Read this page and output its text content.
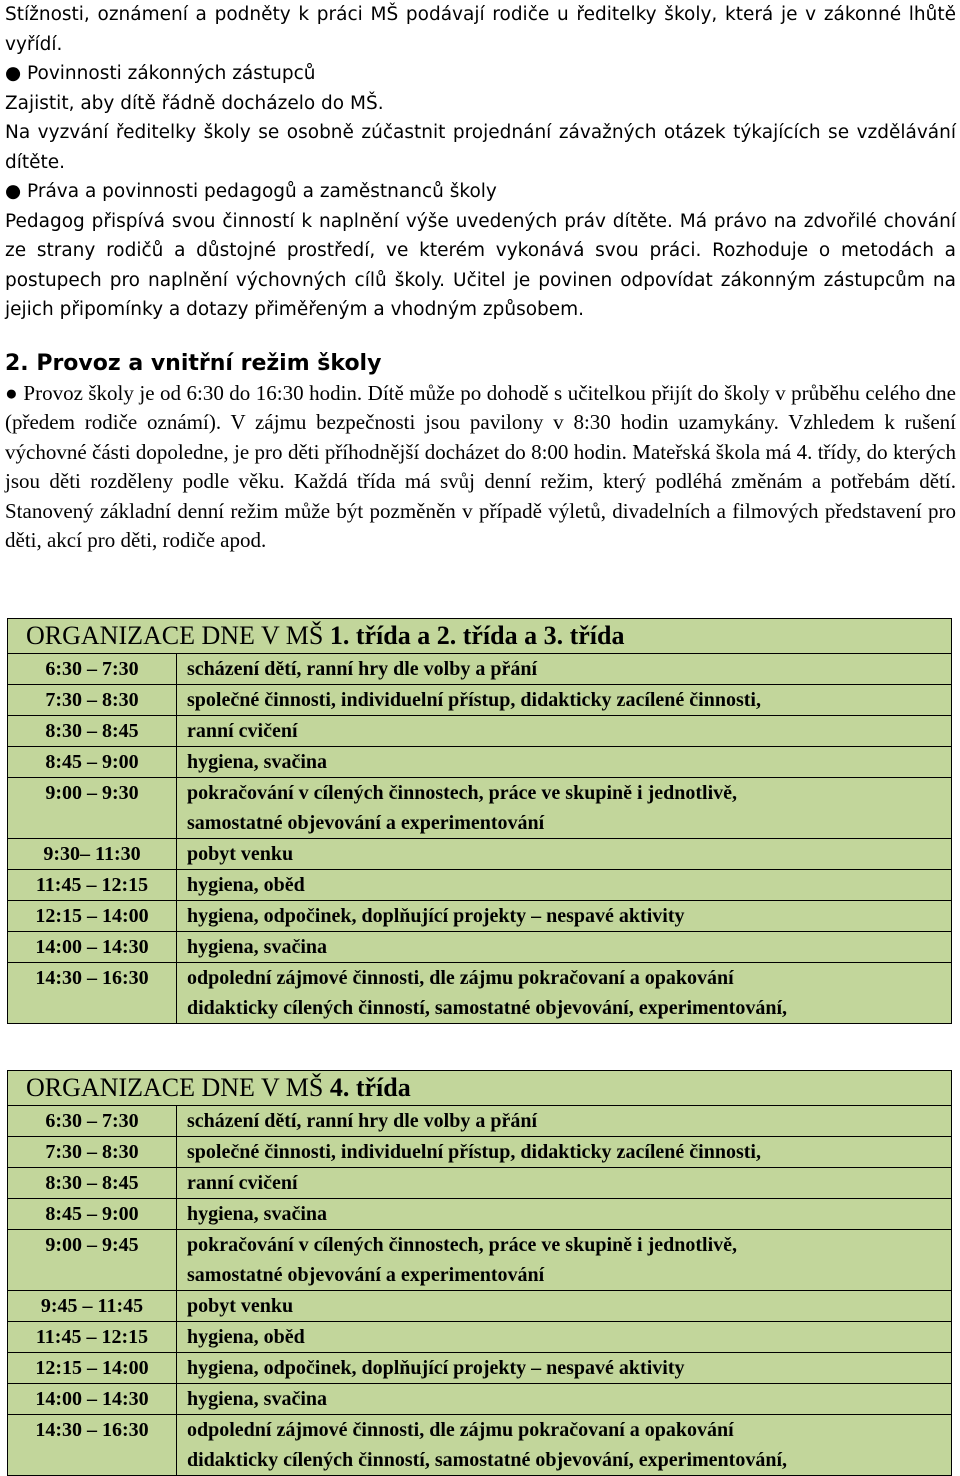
Stížnosti, oznámení a podněty k práci MŠ podávají rodiče u ředitelky školy, která je v zákonné lhůtě vyřídí.

● Povinnosti zákonných zástupců

Zajistit, aby dítě řádně docházelo do MŠ.

Na vyzvání ředitelky školy se osobně zúčastnit projednání závažných otázek týkajících se vzdělávání dítěte.

● Práva a povinnosti pedagogů a zaměstnanců školy

Pedagog přispívá svou činností k naplnění výše uvedených práv dítěte. Má právo na zdvořilé chování ze strany rodičů a důstojné prostředí, ve kterém vykonává svou práci. Rozhoduje o metodách a postupech pro naplnění výchovných cílů školy. Učitel je povinen odpovídat zákonným zástupcům na jejich připomínky a dotazy přiměřeným a vhodným způsobem.

2. Provoz a vnitřní režim školy

● Provoz školy je od 6:30 do 16:30 hodin. Dítě může po dohodě s učitelkou přijít do školy v průběhu celého dne (předem rodiče oznámí). V zájmu bezpečnosti jsou pavilony v 8:30 hodin uzamykány. Vzhledem k rušení výchovné části dopoledne, je pro děti příhodnější docházet do 8:00 hodin. Mateřská škola má 4. třídy, do kterých jsou děti rozděleny podle věku. Každá třída má svůj denní režim, který podléhá změnám a potřebám dětí. Stanovený základní denní režim může být pozměněn v případě výletů, divadelních a filmových představení pro děti, akcí pro děti, rodiče apod.

ORGANIZACE DNE V MŠ 1. třída a 2. třída a 3. třída	
6:30 – 7:30	scházení dětí, ranní hry dle volby a přání

7:30 – 8:30	společné činnosti, individuelní přístup, didakticky zacílené činnosti,

8:30 – 8:45	ranní cvičení

8:45 – 9:00	hygiena, svačina

9:00 – 9:30	pokračování v cílených činnostech, práce ve skupině i jednotlivě,
samostatné objevování a experimentování

9:30– 11:30	pobyt venku

11:45 – 12:15	hygiena, oběd

12:15 – 14:00	hygiena, odpočinek, doplňující projekty – nespavé aktivity

14:00 – 14:30	hygiena, svačina

14:30 – 16:30	odpolední zájmové činnosti, dle zájmu pokračovaní a opakování
didakticky cílených činností, samostatné objevování, experimentování,
ORGANIZACE DNE V MŠ 4. třída	
6:30 – 7:30	scházení dětí, ranní hry dle volby a přání

7:30 – 8:30	společné činnosti, individuelní přístup, didakticky zacílené činnosti,

8:30 – 8:45	ranní cvičení

8:45 – 9:00	hygiena, svačina

9:00 – 9:45	pokračování v cílených činnostech, práce ve skupině i jednotlivě,
samostatné objevování a experimentování

9:45 – 11:45	pobyt venku

11:45 – 12:15	hygiena, oběd

12:15 – 14:00	hygiena, odpočinek, doplňující projekty – nespavé aktivity

14:00 – 14:30	hygiena, svačina

14:30 – 16:30	odpolední zájmové činnosti, dle zájmu pokračovaní a opakování
didakticky cílených činností, samostatné objevování, experimentování,
